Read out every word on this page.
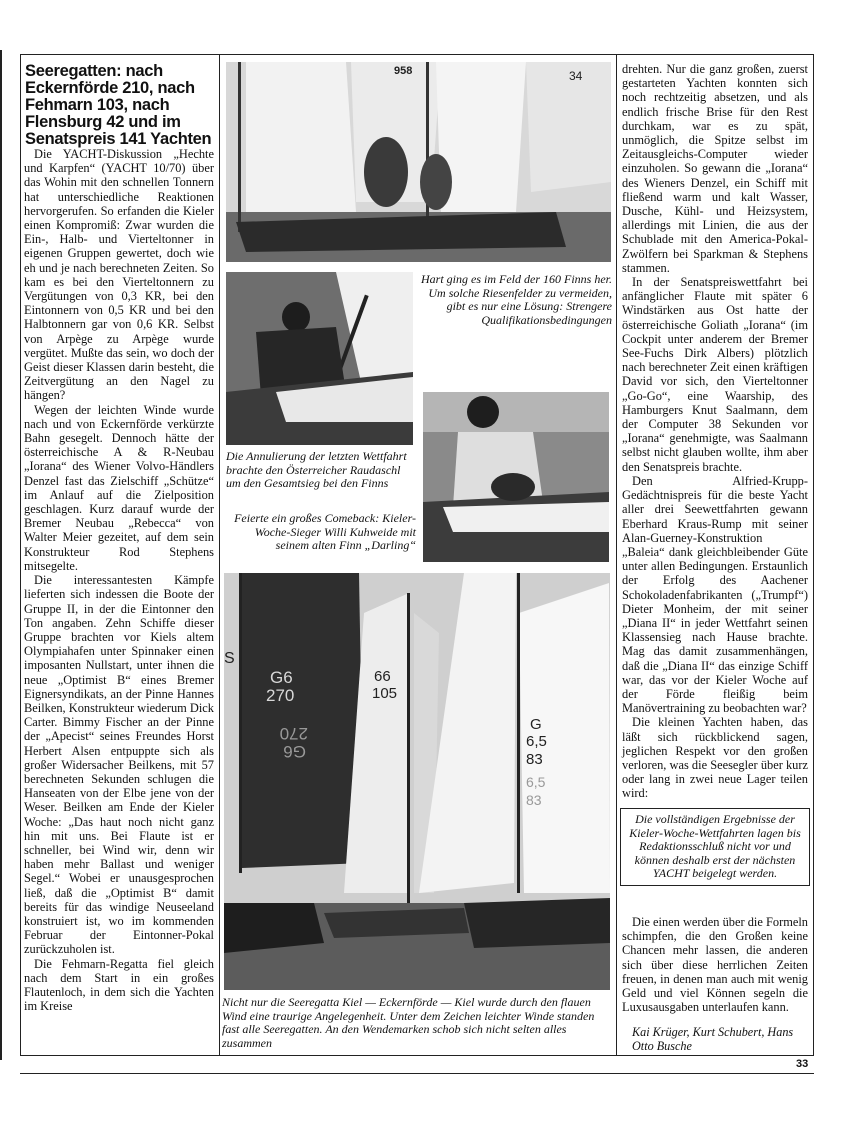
Seeregatten: nach Eckernförde 210, nach Fehmarn 103, nach Flensburg 42 und im Senatspreis 141 Yachten

Die YACHT-Diskussion „Hechte und Karpfen“ (YACHT 10/70) über das Wohin mit den schnellen Tonnern hat unterschiedliche Reaktionen hervorgerufen. So erfanden die Kieler einen Kompromiß: Zwar wurden die Ein-, Halb- und Vierteltonner in eigenen Gruppen gewertet, doch wie eh und je nach berechneten Zeiten. So kam es bei den Vierteltonnern zu Vergütungen von 0,3 KR, bei den Eintonnern von 0,5 KR und bei den Halbtonnern gar von 0,6 KR. Selbst von Arpège zu Arpège wurde vergütet. Mußte das sein, wo doch der Geist dieser Klassen darin besteht, die Zeitvergütung an den Nagel zu hängen?

Wegen der leichten Winde wurde nach und von Eckernförde verkürzte Bahn gesegelt. Dennoch hätte der österreichische A & R-Neubau „Iorana“ des Wiener Volvo-Händlers Denzel fast das Zielschiff „Schütze“ im Anlauf auf die Zielposition geschlagen. Kurz darauf wurde der Bremer Neubau „Rebecca“ von Walter Meier gezeitet, auf dem sein Konstrukteur Rod Stephens mitsegelte.

Die interessantesten Kämpfe lieferten sich indessen die Boote der Gruppe II, in der die Eintonner den Ton angaben. Zehn Schiffe dieser Gruppe brachten vor Kiels altem Olympiahafen unter Spinnaker einen imposanten Nullstart, unter ihnen die neue „Optimist B“ eines Bremer Eignersyndikats, an der Pinne Hannes Beilken, Konstrukteur wiederum Dick Carter. Bimmy Fischer an der Pinne der „Apecist“ seines Freundes Horst Herbert Alsen entpuppte sich als großer Widersacher Beilkens, mit 57 berechneten Sekunden schlugen die Hanseaten von der Elbe jene von der Weser. Beilken am Ende der Kieler Woche: „Das haut noch nicht ganz hin mit uns. Bei Flaute ist er schneller, bei Wind wir, denn wir haben mehr Ballast und weniger Segel.“ Wobei er unausgesprochen ließ, daß die „Optimist B“ damit bereits für das windige Neuseeland konstruiert ist, wo im kommenden Februar der Eintonner-Pokal zurückzuholen ist.

Die Fehmarn-Regatta fiel gleich nach dem Start in ein großes Flautenloch, in dem sich die Yachten im Kreise

958	34

Hart ging es im Feld der 160 Finns her. Um solche Riesenfelder zu vermeiden, gibt es nur eine Lösung: Strengere Qualifikationsbedingungen

Die Annulierung der letzten Wettfahrt brachte den Österreicher Raudaschl um den Gesamtsieg bei den Finns

Feierte ein großes Comeback: Kieler-Woche-Sieger Willi Kuhweide mit seinem alten Finn „Darling“

G6
270
270
G6
66
105
G
6,5
83
6,5
83
S

Nicht nur die Seeregatta Kiel — Eckernförde — Kiel wurde durch den flauen Wind eine traurige Angelegenheit. Unter dem Zeichen leichter Winde standen fast alle Seeregatten. An den Wendemarken schob sich nicht selten alles zusammen

drehten. Nur die ganz großen, zuerst gestarteten Yachten konnten sich noch rechtzeitig absetzen, und als endlich frische Brise für den Rest durchkam, war es zu spät, unmöglich, die Spitze selbst im Zeitausgleichs-Computer wieder einzuholen. So gewann die „Iorana“ des Wieners Denzel, ein Schiff mit fließend warm und kalt Wasser, Dusche, Kühl- und Heizsystem, allerdings mit Linien, die aus der Schublade mit den America-Pokal-Zwölfern bei Sparkman & Stephens stammen.

In der Senatspreiswettfahrt bei anfänglicher Flaute mit später 6 Windstärken aus Ost hatte der österreichische Goliath „Iorana“ (im Cockpit unter anderem der Bremer See-Fuchs Dirk Albers) plötzlich nach berechneter Zeit einen kräftigen David vor sich, den Vierteltonner „Go-Go“, eine Waarship, des Hamburgers Knut Saalmann, dem der Computer 38 Sekunden vor „Iorana“ genehmigte, was Saalmann selbst nicht glauben wollte, ihm aber den Senatspreis brachte.

Den Alfried-Krupp-Gedächtnispreis für die beste Yacht aller drei Seewettfahrten gewann Eberhard Kraus-Rump mit seiner Alan-Guerney-Konstruktion „Baleia“ dank gleichbleibender Güte unter allen Bedingungen. Erstaunlich der Erfolg des Aachener Schokoladenfabrikanten („Trumpf“) Dieter Monheim, der mit seiner „Diana II“ in jeder Wettfahrt seinen Klassensieg nach Hause brachte. Mag das damit zusammenhängen, daß die „Diana II“ das einzige Schiff war, das vor der Kieler Woche auf der Förde fleißig beim Manövertraining zu beobachten war?

Die kleinen Yachten haben, das läßt sich rückblickend sagen, jeglichen Respekt vor den großen verloren, was die Seesegler über kurz oder lang in zwei neue Lager teilen wird:

Die vollständigen Ergebnisse der Kieler-Woche-Wettfahrten lagen bis Redaktionsschluß nicht vor und können deshalb erst der nächsten YACHT beigelegt werden.

Die einen werden über die Formeln schimpfen, die den Großen keine Chancen mehr lassen, die anderen sich über diese herrlichen Zeiten freuen, in denen man auch mit wenig Geld und viel Können segeln die Luxusausgaben unterlaufen kann.

Kai Krüger, Kurt Schubert, Hans Otto Busche

33
